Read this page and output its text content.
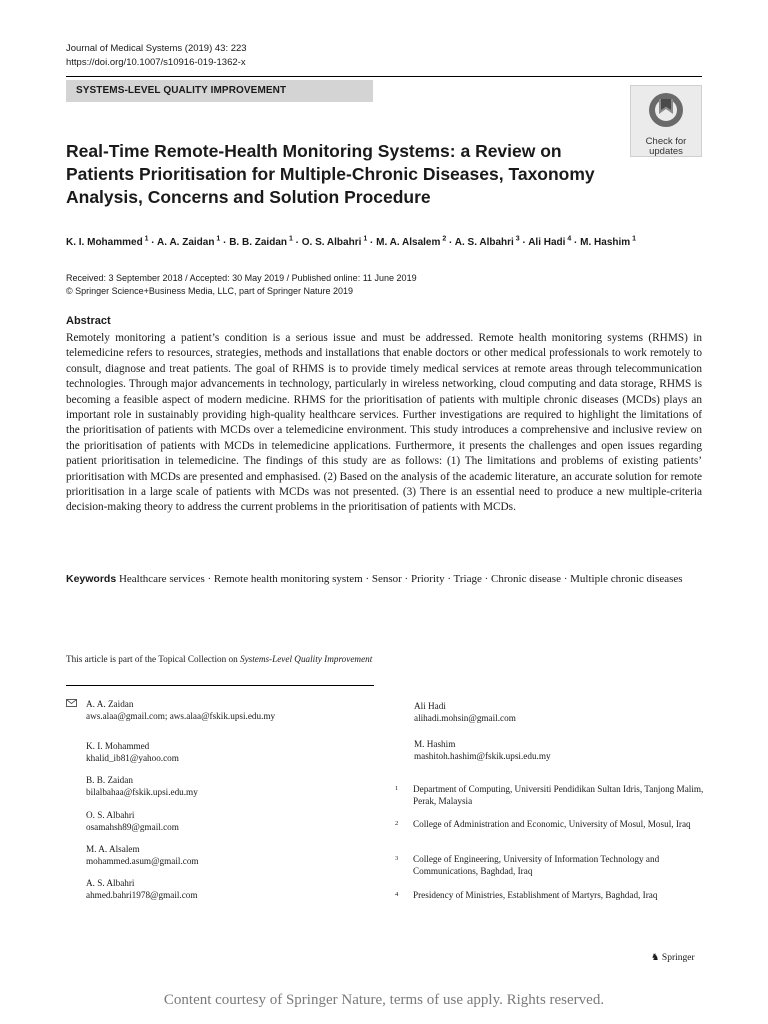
Journal of Medical Systems (2019) 43: 223
https://doi.org/10.1007/s10916-019-1362-x
SYSTEMS-LEVEL QUALITY IMPROVEMENT
Check for
updates
Real-Time Remote-Health Monitoring Systems: a Review on Patients Prioritisation for Multiple-Chronic Diseases, Taxonomy Analysis, Concerns and Solution Procedure
K. I. Mohammed $^1$ · A. A. Zaidan $^1$ · B. B. Zaidan $^1$ · O. S. Albahri $^1$ · M. A. Alsalem $^2$ · A. S. Albahri $^3$ · Ali Hadi $^4$ · M. Hashim $^1$
Received: 3 September 2018 / Accepted: 30 May 2019 / Published online: 11 June 2019
© Springer Science+Business Media, LLC, part of Springer Nature 2019
Abstract
Remotely monitoring a patient’s condition is a serious issue and must be addressed. Remote health monitoring systems (RHMS) in telemedicine refers to resources, strategies, methods and installations that enable doctors or other medical professionals to work remotely to consult, diagnose and treat patients. The goal of RHMS is to provide timely medical services at remote areas through telecommunication technologies. Through major advancements in technology, particularly in wireless networking, cloud computing and data storage, RHMS is becoming a feasible aspect of modern medicine. RHMS for the prioritisation of patients with multiple chronic diseases (MCDs) plays an important role in sustainably providing high-quality healthcare services. Further investigations are required to highlight the limitations of the prioritisation of patients with MCDs over a telemedicine environment. This study introduces a comprehensive and inclusive review on the prioritisation of patients with MCDs in telemedicine applications. Furthermore, it presents the challenges and open issues regarding patient prioritisation in telemedicine. The findings of this study are as follows: (1) The limitations and problems of existing patients’ prioritisation with MCDs are presented and emphasised. (2) Based on the analysis of the academic literature, an accurate solution for remote prioritisation in a large scale of patients with MCDs was not presented. (3) There is an essential need to produce a new multiple-criteria decision-making theory to address the current problems in the prioritisation of patients with MCDs.
Keywords Healthcare services · Remote health monitoring system · Sensor · Priority · Triage · Chronic disease · Multiple chronic diseases
This article is part of the Topical Collection on Systems-Level Quality Improvement
A. A. Zaidan
aws.alaa@gmail.com; aws.alaa@fskik.upsi.edu.my
K. I. Mohammed
khalid_ib81@yahoo.com
B. B. Zaidan
bilalbahaa@fskik.upsi.edu.my
O. S. Albahri
osamahsh89@gmail.com
M. A. Alsalem
mohammed.asum@gmail.com
A. S. Albahri
ahmed.bahri1978@gmail.com
Ali Hadi
alihadi.mohsin@gmail.com
M. Hashim
mashitoh.hashim@fskik.upsi.edu.my
1 Department of Computing, Universiti Pendidikan Sultan Idris, Tanjong Malim, Perak, Malaysia
2 College of Administration and Economic, University of Mosul, Mosul, Iraq
3 College of Engineering, University of Information Technology and Communications, Baghdad, Iraq
4 Presidency of Ministries, Establishment of Martyrs, Baghdad, Iraq
♞ Springer
Content courtesy of Springer Nature, terms of use apply. Rights reserved.
